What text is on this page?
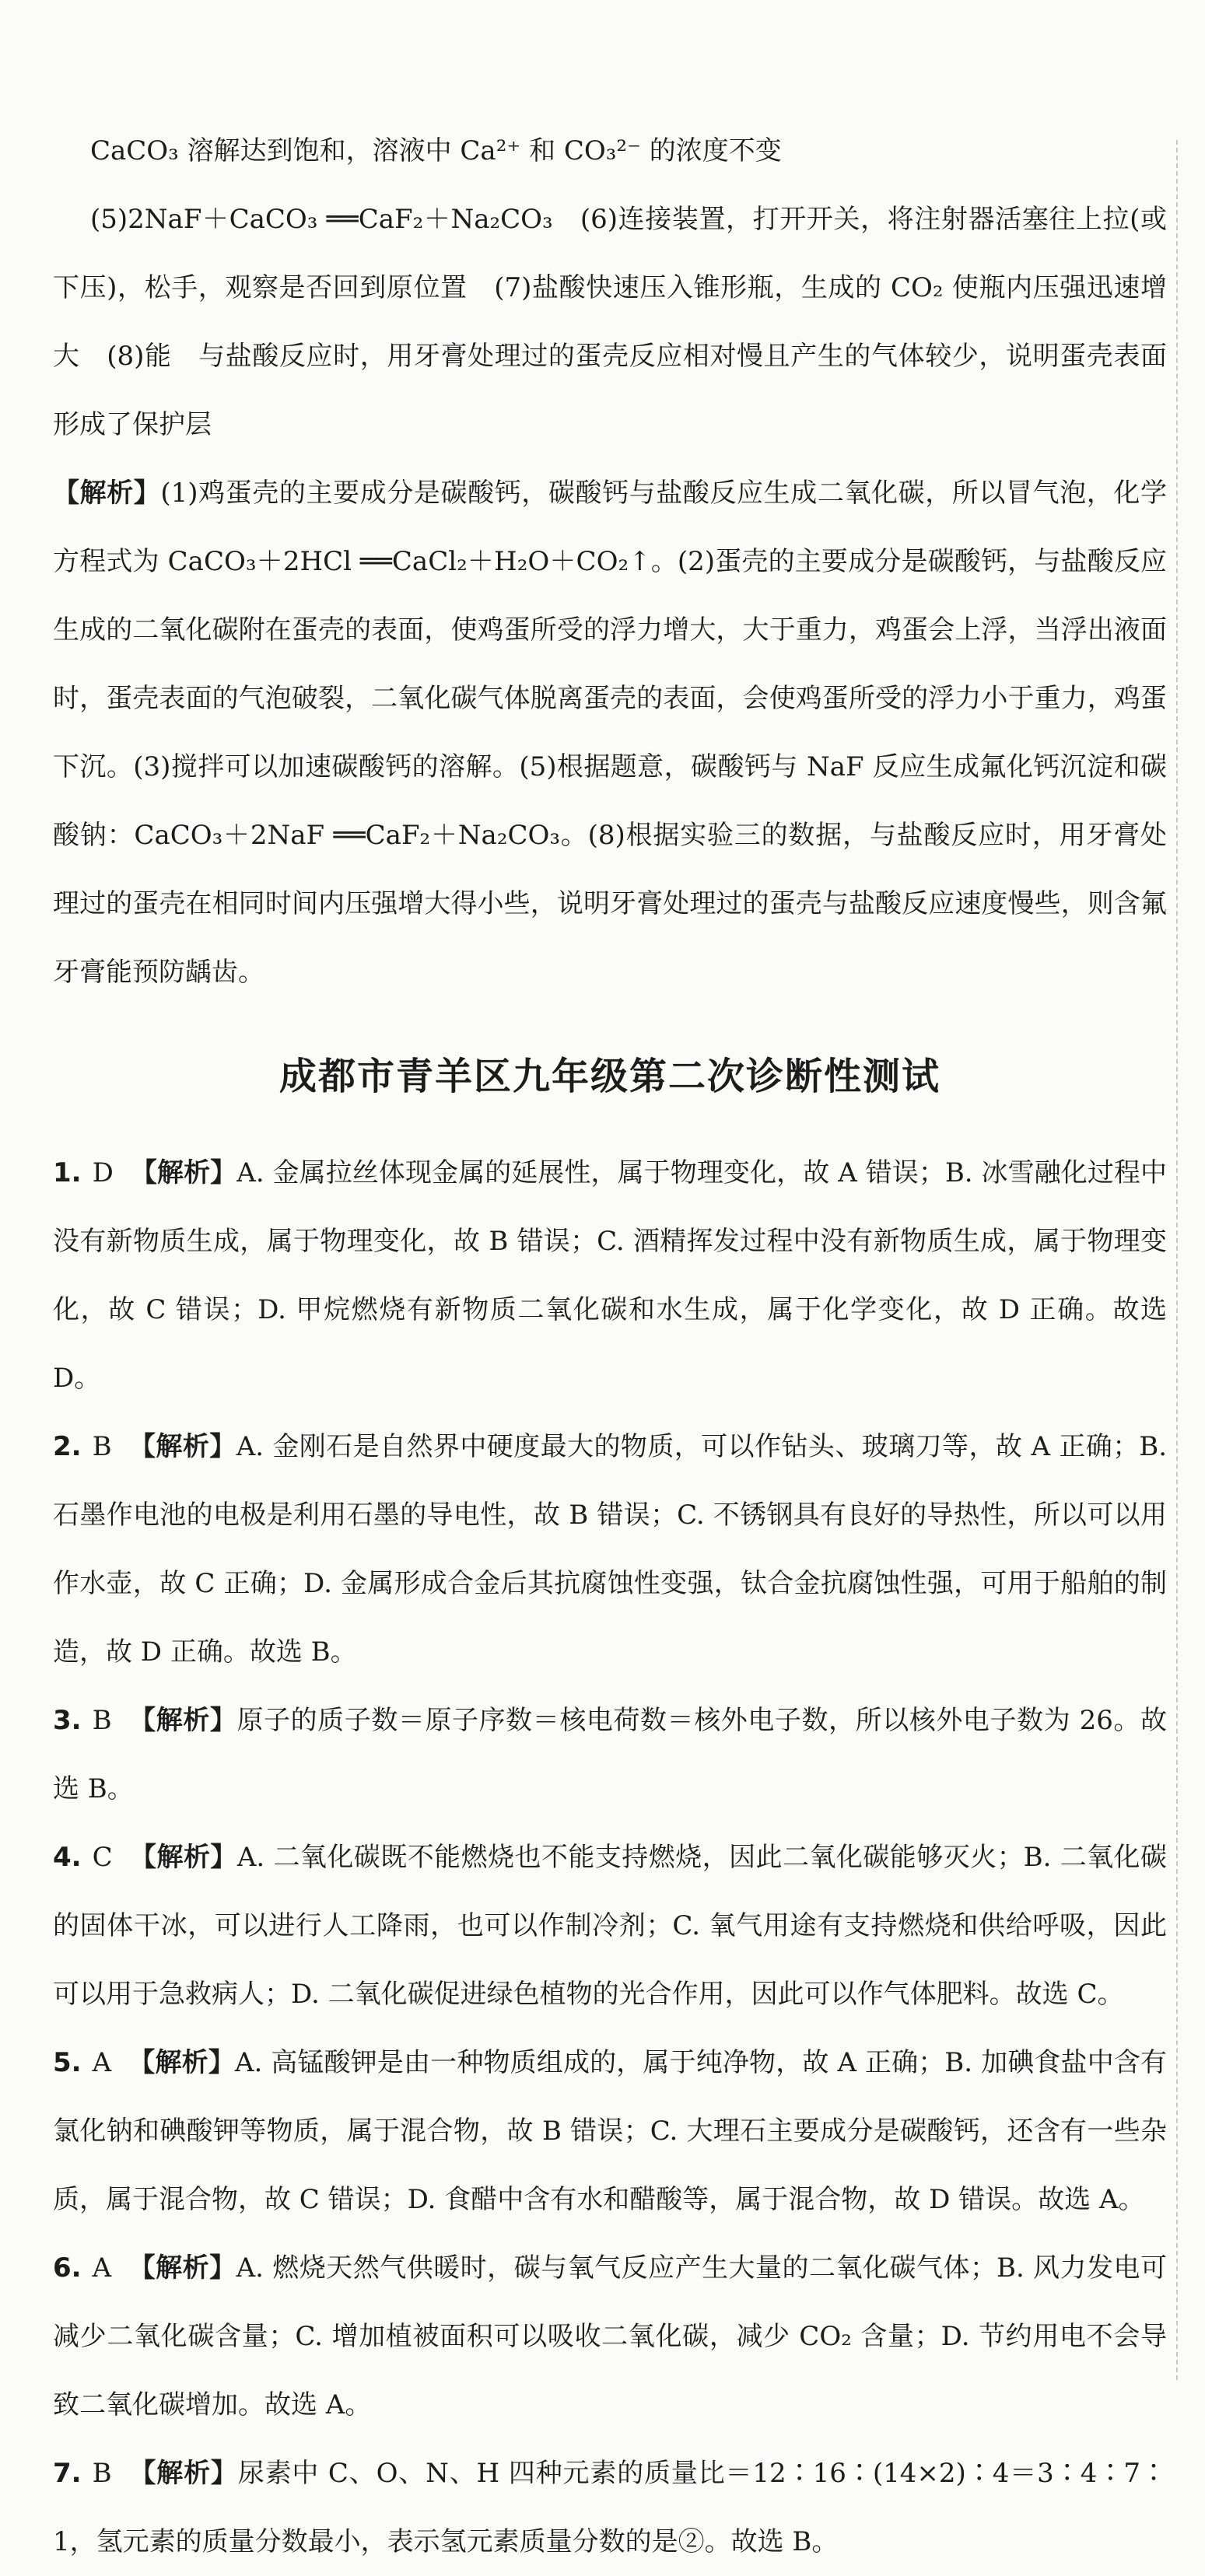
CaCO₃ 溶解达到饱和，溶液中 Ca²⁺ 和 CO₃²⁻ 的浓度不变

(5)2NaF＋CaCO₃ ══CaF₂＋Na₂CO₃　(6)连接装置，打开开关，将注射器活塞往上拉(或下压)，松手，观察是否回到原位置　(7)盐酸快速压入锥形瓶，生成的 CO₂ 使瓶内压强迅速增大　(8)能　与盐酸反应时，用牙膏处理过的蛋壳反应相对慢且产生的气体较少，说明蛋壳表面形成了保护层

【解析】(1)鸡蛋壳的主要成分是碳酸钙，碳酸钙与盐酸反应生成二氧化碳，所以冒气泡，化学方程式为 CaCO₃＋2HCl ══CaCl₂＋H₂O＋CO₂↑。(2)蛋壳的主要成分是碳酸钙，与盐酸反应生成的二氧化碳附在蛋壳的表面，使鸡蛋所受的浮力增大，大于重力，鸡蛋会上浮，当浮出液面时，蛋壳表面的气泡破裂，二氧化碳气体脱离蛋壳的表面，会使鸡蛋所受的浮力小于重力，鸡蛋下沉。(3)搅拌可以加速碳酸钙的溶解。(5)根据题意，碳酸钙与 NaF 反应生成氟化钙沉淀和碳酸钠：CaCO₃＋2NaF ══CaF₂＋Na₂CO₃。(8)根据实验三的数据，与盐酸反应时，用牙膏处理过的蛋壳在相同时间内压强增大得小些，说明牙膏处理过的蛋壳与盐酸反应速度慢些，则含氟牙膏能预防龋齿。

成都市青羊区九年级第二次诊断性测试

1. D 【解析】A. 金属拉丝体现金属的延展性，属于物理变化，故 A 错误；B. 冰雪融化过程中没有新物质生成，属于物理变化，故 B 错误；C. 酒精挥发过程中没有新物质生成，属于物理变化，故 C 错误；D. 甲烷燃烧有新物质二氧化碳和水生成，属于化学变化，故 D 正确。故选 D。

2. B 【解析】A. 金刚石是自然界中硬度最大的物质，可以作钻头、玻璃刀等，故 A 正确；B. 石墨作电池的电极是利用石墨的导电性，故 B 错误；C. 不锈钢具有良好的导热性，所以可以用作水壶，故 C 正确；D. 金属形成合金后其抗腐蚀性变强，钛合金抗腐蚀性强，可用于船舶的制造，故 D 正确。故选 B。

3. B 【解析】原子的质子数＝原子序数＝核电荷数＝核外电子数，所以核外电子数为 26。故选 B。

4. C 【解析】A. 二氧化碳既不能燃烧也不能支持燃烧，因此二氧化碳能够灭火；B. 二氧化碳的固体干冰，可以进行人工降雨，也可以作制冷剂；C. 氧气用途有支持燃烧和供给呼吸，因此可以用于急救病人；D. 二氧化碳促进绿色植物的光合作用，因此可以作气体肥料。故选 C。

5. A 【解析】A. 高锰酸钾是由一种物质组成的，属于纯净物，故 A 正确；B. 加碘食盐中含有氯化钠和碘酸钾等物质，属于混合物，故 B 错误；C. 大理石主要成分是碳酸钙，还含有一些杂质，属于混合物，故 C 错误；D. 食醋中含有水和醋酸等，属于混合物，故 D 错误。故选 A。

6. A 【解析】A. 燃烧天然气供暖时，碳与氧气反应产生大量的二氧化碳气体；B. 风力发电可减少二氧化碳含量；C. 增加植被面积可以吸收二氧化碳，减少 CO₂ 含量；D. 节约用电不会导致二氧化碳增加。故选 A。

7. B 【解析】尿素中 C、O、N、H 四种元素的质量比＝12∶16∶(14×2)∶4＝3∶4∶7∶1，氢元素的质量分数最小，表示氢元素质量分数的是②。故选 B。
